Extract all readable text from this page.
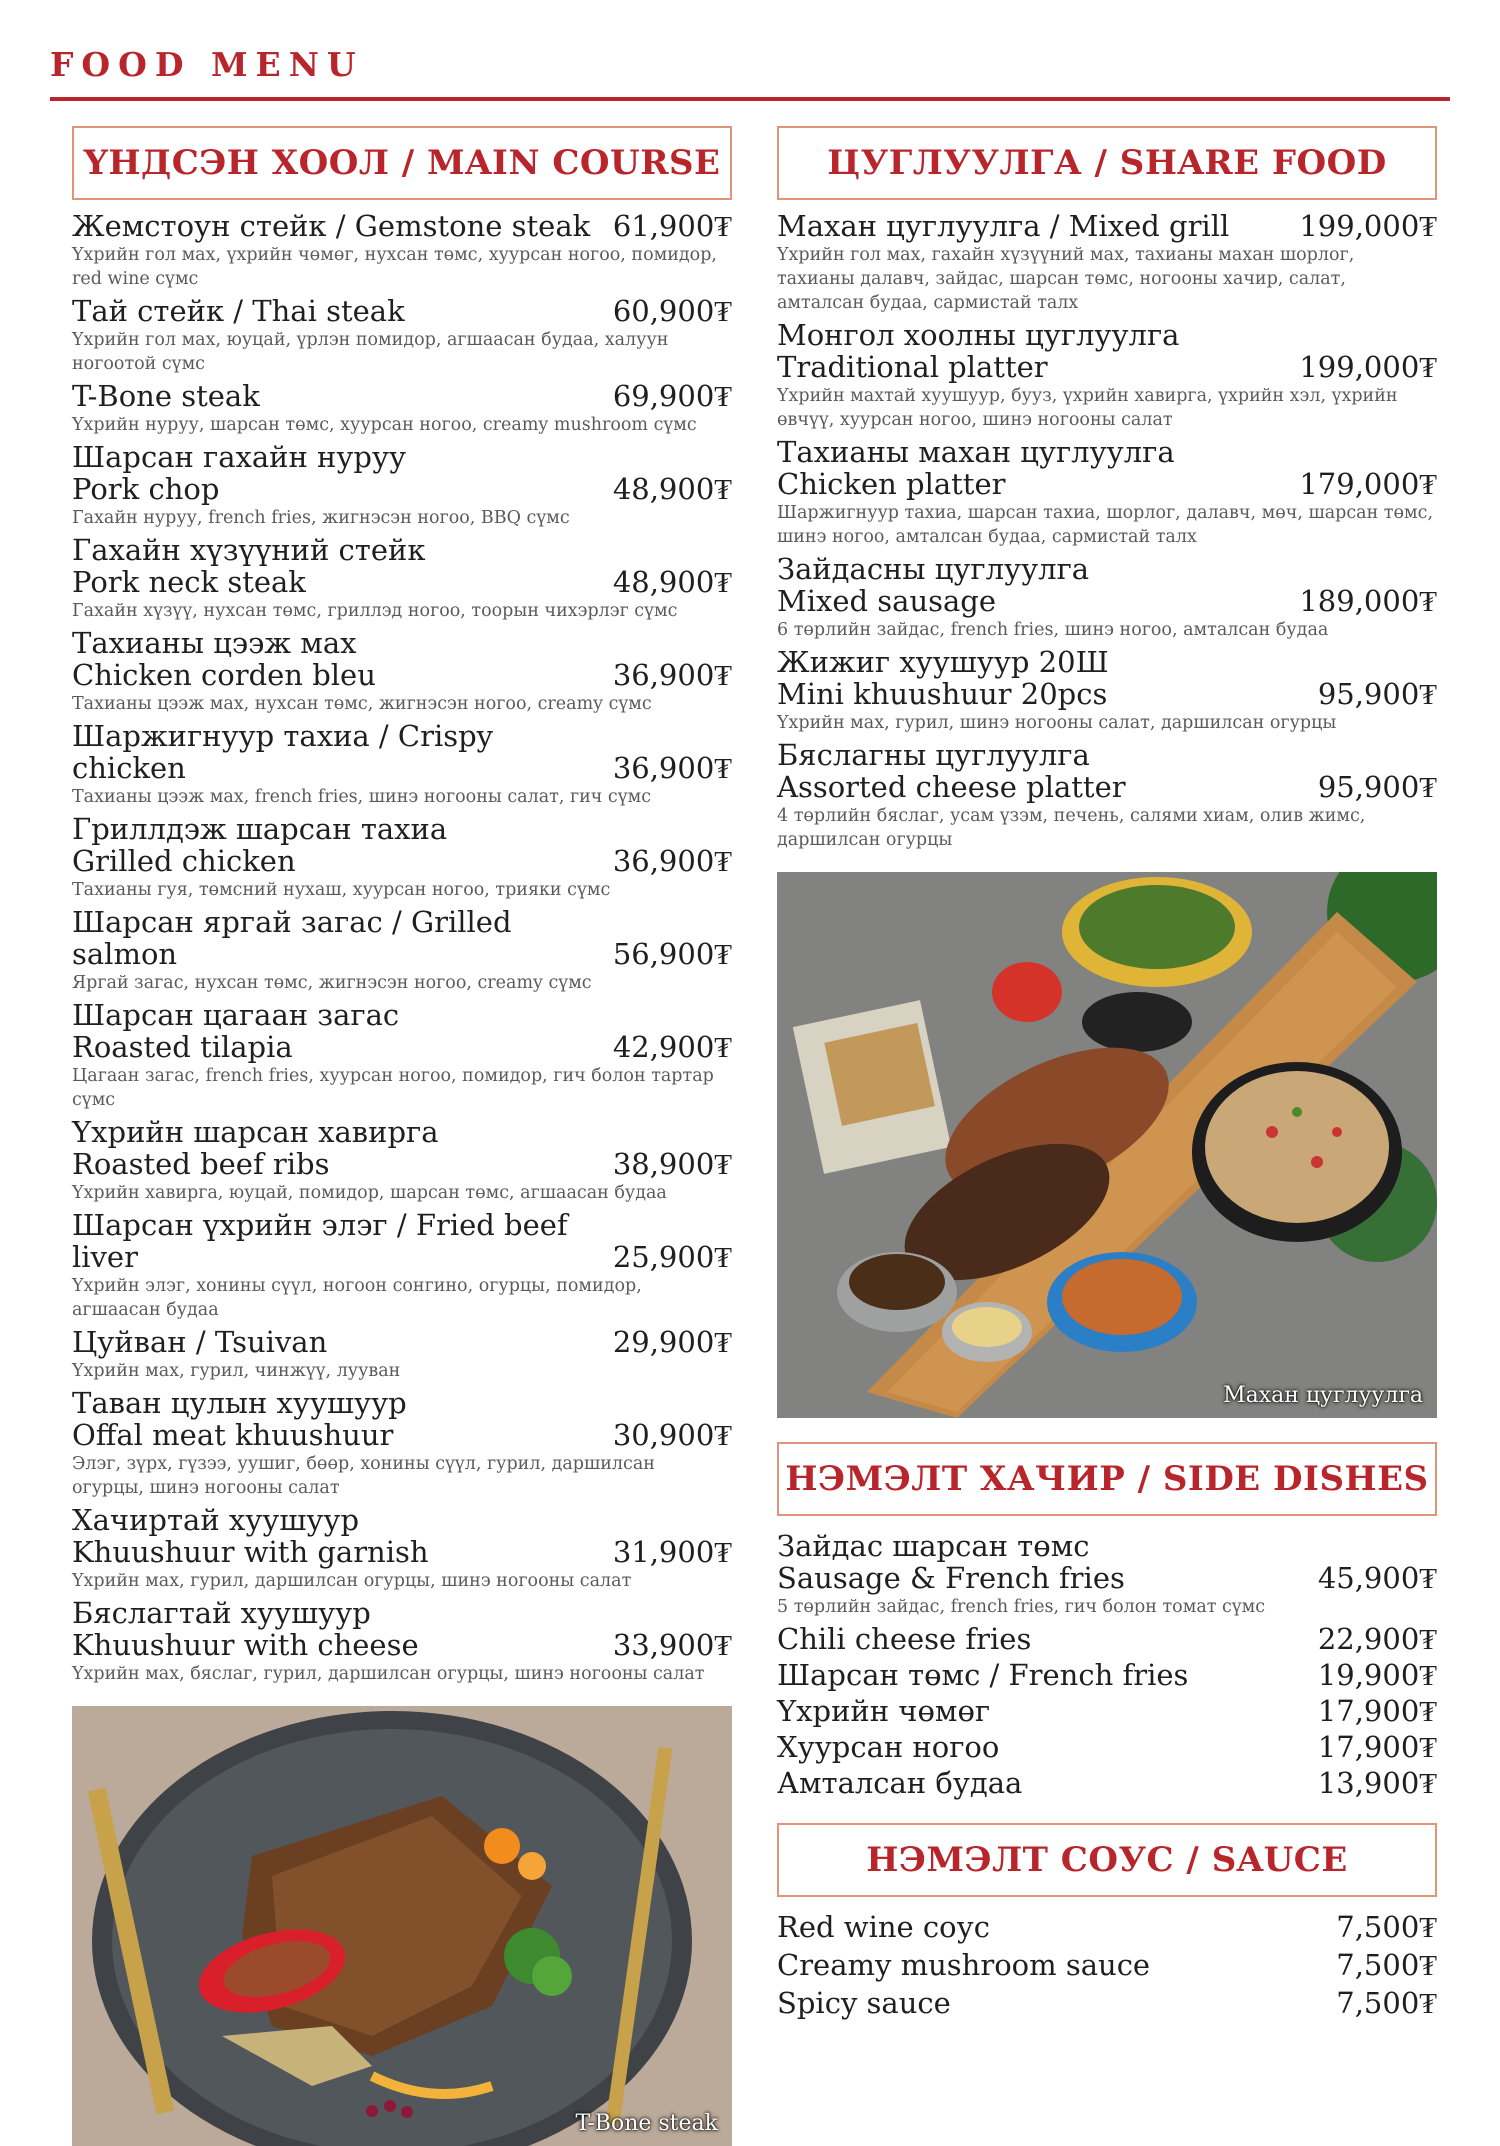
FOOD MENU
ҮНДСЭН ХООЛ / MAIN COURSE
Жемстоун стейк / Gemstone steak 61,900₮
Үхрийн гол мах, үхрийн чөмөг, нухсан төмс, хуурсан ногоо, помидор, red wine сүмс
Тай стейк / Thai steak	60,900₮
Үхрийн гол мах, юуцай, үрлэн помидор, агшаасан будаа, халуун ногоотой сүмс
T-Bone steak	69,900₮
Үхрийн нуруу, шарсан төмс, хуурсан ногоо, creamy mushroom сүмс
Шарсан гахайн нуруу
Pork chop	48,900₮
Гахайн нуруу, french fries, жигнэсэн ногоо, BBQ сүмс
Гахайн хүзүүний стейк
Pork neck steak	48,900₮
Гахайн хүзүү, нухсан төмс, гриллэд ногоо, тоорын чихэрлэг сүмс
Тахианы цээж мах
Chicken corden bleu	36,900₮
Тахианы цээж мах, нухсан төмс, жигнэсэн ногоо, creamy сүмс
Шаржигнуур тахиа / Crispy chicken	36,900₮
Тахианы цээж мах, french fries, шинэ ногооны салат, гич сүмс
Гриллдэж шарсан тахиа
Grilled chicken	36,900₮
Тахианы гуя, төмсний нухаш, хуурсан ногоо, трияки сүмс
Шарсан яргай загас / Grilled salmon	56,900₮
Яргай загас, нухсан төмс, жигнэсэн ногоо, creamy сүмс
Шарсан цагаан загас
Roasted tilapia	42,900₮
Цагаан загас, french fries, хуурсан ногоо, помидор, гич болон тартар сүмс
Үхрийн шарсан хавирга
Roasted beef ribs	38,900₮
Үхрийн хавирга, юуцай, помидор, шарсан төмс, агшаасан будаа
Шарсан үхрийн элэг / Fried beef liver	25,900₮
Үхрийн элэг, хонины сүүл, ногоон сонгино, огурцы, помидор, агшаасан будаа
Цуйван / Tsuivan	29,900₮
Үхрийн мах, гурил, чинжүү, лууван
Таван цулын хуушуур
Offal meat khuushuur	30,900₮
Элэг, зүрх, гүзээ, уушиг, бөөр, хонины сүүл, гурил, даршилсан огурцы, шинэ ногооны салат
Хачиртай хуушуур
Khuushuur with garnish	31,900₮
Үхрийн мах, гурил, даршилсан огурцы, шинэ ногооны салат
Бяслагтай хуушуур
Khuushuur with cheese	33,900₮
Үхрийн мах, бяслаг, гурил, даршилсан огурцы, шинэ ногооны салат
T-Bone steak
ЦУГЛУУЛГА / SHARE FOOD
Махан цуглуулга / Mixed grill	199,000₮
Үхрийн гол мах, гахайн хүзүүний мах, тахианы махан шорлог, тахианы далавч, зайдас, шарсан төмс, ногооны хачир, салат, амталсан будаа, сармистай талх
Монгол хоолны цуглуулга
Traditional platter	199,000₮
Үхрийн махтай хуушуур, бууз, үхрийн хавирга, үхрийн хэл, үхрийн өвчүү, хуурсан ногоо, шинэ ногооны салат
Тахианы махан цуглуулга
Chicken platter	179,000₮
Шаржигнуур тахиа, шарсан тахиа, шорлог, далавч, мөч, шарсан төмс, шинэ ногоо, амталсан будаа, сармистай талх
Зайдасны цуглуулга
Mixed sausage	189,000₮
6 төрлийн зайдас, french fries, шинэ ногоо, амталсан будаа
Жижиг хуушуур 20Ш
Mini khuushuur 20pcs	95,900₮
Үхрийн мах, гурил, шинэ ногооны салат, даршилсан огурцы
Бяслагны цуглуулга
Assorted cheese platter	95,900₮
4 төрлийн бяслаг, усам үзэм, печень, салями хиам, олив жимс, даршилсан огурцы
Махан цуглуулга
НЭМЭЛТ ХАЧИР / SIDE DISHES
Зайдас шарсан төмс
Sausage & French fries	45,900₮
5 төрлийн зайдас, french fries, гич болон томат сүмс
Chili cheese fries	22,900₮
Шарсан төмс / French fries	19,900₮
Үхрийн чөмөг	17,900₮
Хуурсан ногоо	17,900₮
Амталсан будаа	13,900₮
НЭМЭЛТ СОУС / SAUCE
Red wine соус	7,500₮
Creamy mushroom sauce	7,500₮
Spicy sauce	7,500₮
